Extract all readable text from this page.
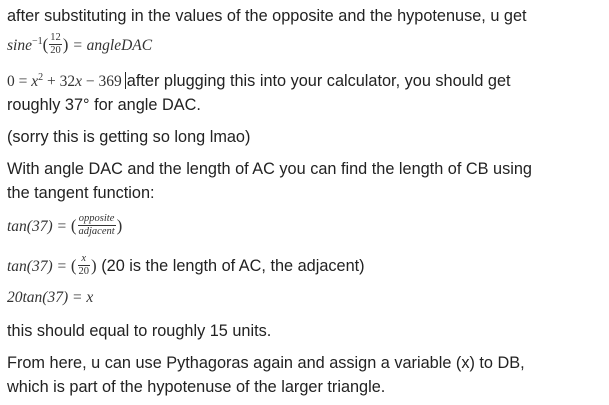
after substituting in the values of the opposite and the hypotenuse, u get
$\sin e^{-1}( \frac{12}{20}$ ) = angleDAC
$0 = x^2 + 32x - 369$ after plugging this into your calculator, you should get
roughly 37° for angle DAC.
(sorry this is getting so long lmao)
With angle DAC and the length of AC you can find the length of CB using
the tangent function:
tan(37) = ( $\frac{\text{opposite}}{\text{adjacent}}$ )
tan(37) = ( $\frac{x}{20}$ ) (20 is the length of AC, the adjacent)
20tan(37) = x
this should equal to roughly 15 units.
From here, u can use Pythagoras again and assign a variable (x) to DB,
which is part of the hypotenuse of the larger triangle.
